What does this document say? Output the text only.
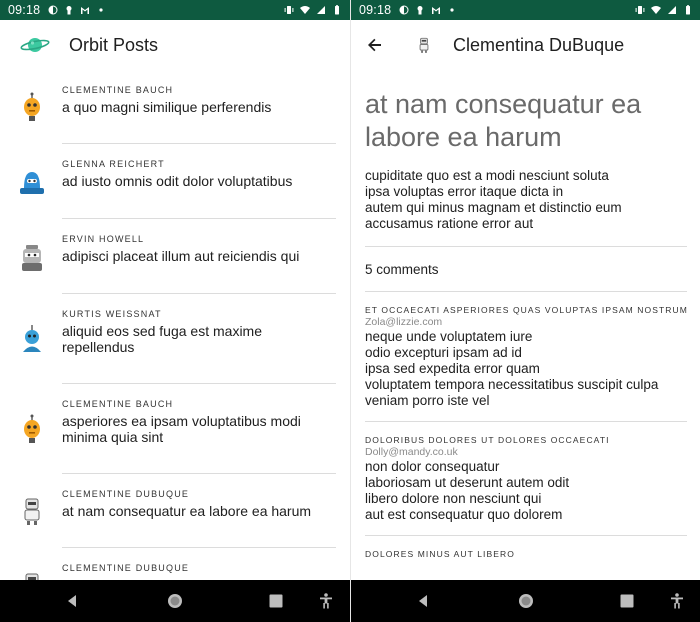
09:18
Orbit Posts
CLEMENTINE BAUCH
a quo magni similique perferendis
GLENNA REICHERT
ad iusto omnis odit dolor voluptatibus
ERVIN HOWELL
adipisci placeat illum aut reiciendis qui
KURTIS WEISSNAT
aliquid eos sed fuga est maxime repellendus
CLEMENTINE BAUCH
asperiores ea ipsam voluptatibus modi minima quia sint
CLEMENTINE DUBUQUE
at nam consequatur ea labore ea harum
CLEMENTINE DUBUQUE
09:18
Clementina DuBuque
at nam consequatur ea labore ea harum
cupiditate quo est a modi nesciunt soluta
ipsa voluptas error itaque dicta in
autem qui minus magnam et distinctio eum
accusamus ratione error aut
5 comments
ET OCCAECATI ASPERIORES QUAS VOLUPTAS IPSAM NOSTRUM
Zola@lizzie.com
neque unde voluptatem iure
odio excepturi ipsam ad id
ipsa sed expedita error quam
voluptatem tempora necessitatibus suscipit culpa
veniam porro iste vel
DOLORIBUS DOLORES UT DOLORES OCCAECATI
Dolly@mandy.co.uk
non dolor consequatur
laboriosam ut deserunt autem odit
libero dolore non nesciunt qui
aut est consequatur quo dolorem
DOLORES MINUS AUT LIBERO
